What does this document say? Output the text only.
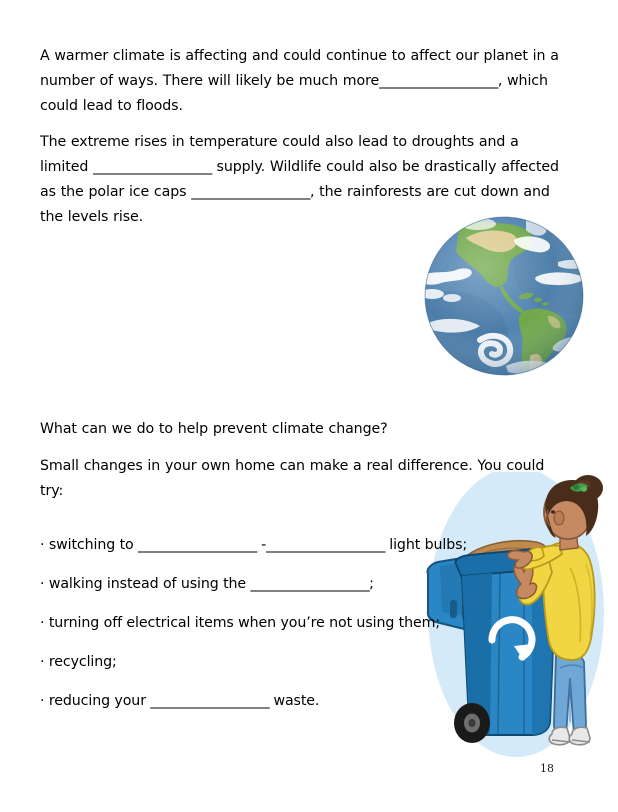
A warmer climate is affecting and could continue to affect our planet in a number of ways. There will likely be much more__________________, which could lead to floods.

The extreme rises in temperature could also lead to droughts and a limited __________________ supply. Wildlife could also be drastically affected as the polar ice caps __________________, the rainforests are cut down and the levels rise.

What can we do to help prevent climate change?

Small changes in your own home can make a real difference. You could try:

· switching to __________________ -__________________ light bulbs;

· walking instead of using the __________________;

· turning off electrical items when you’re not using them;

· recycling;

· reducing your __________________ waste.

18
